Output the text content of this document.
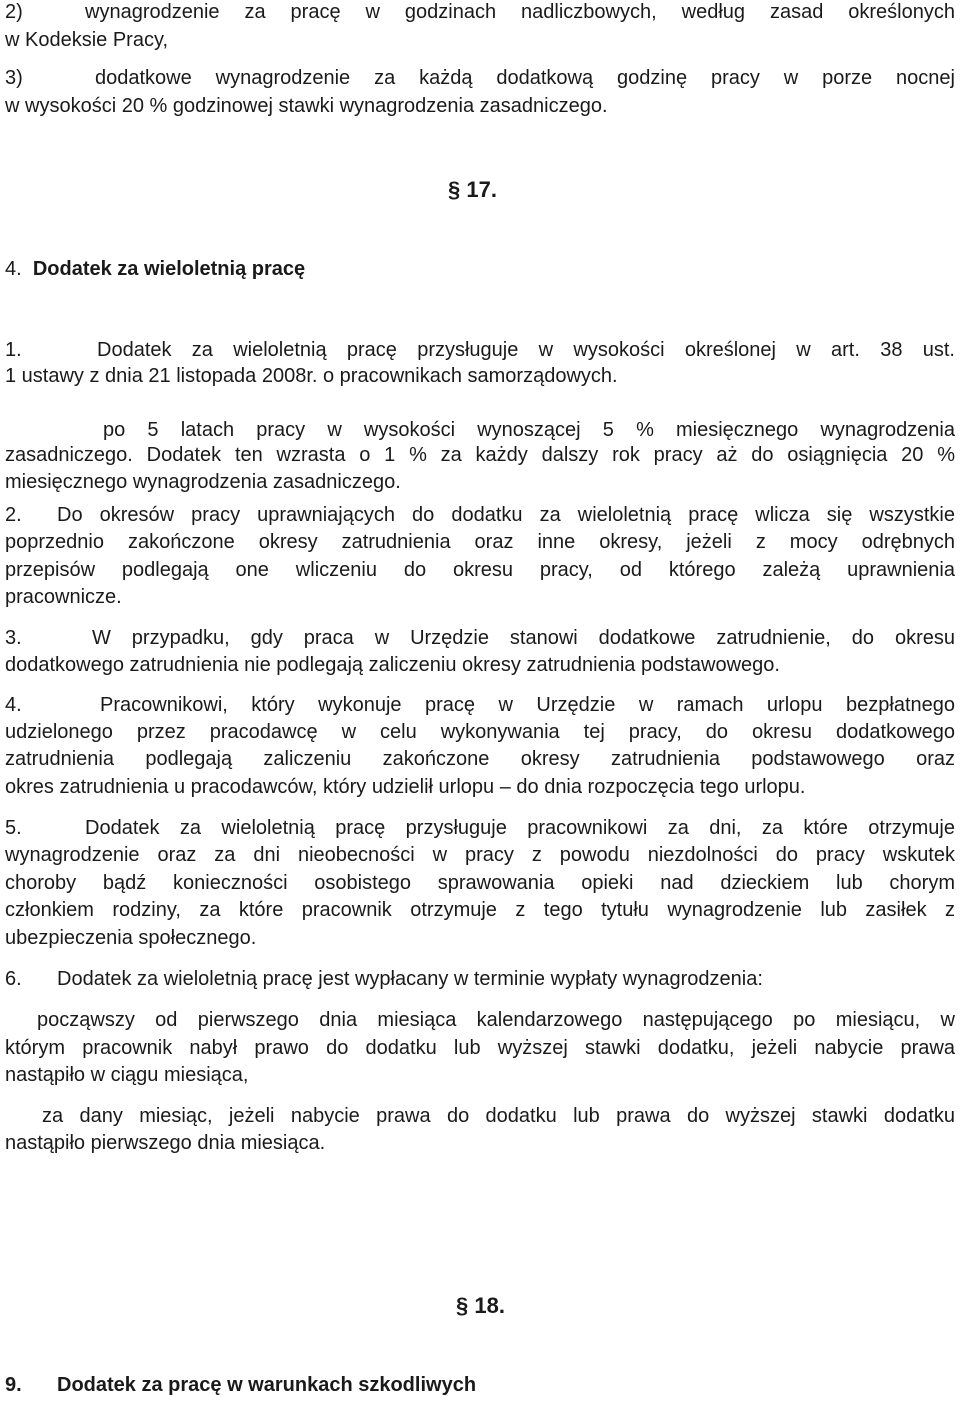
2)	wynagrodzenie za pracę w godzinach nadliczbowych, według zasad określonych
w Kodeksie Pracy,
3)	dodatkowe wynagrodzenie za każdą dodatkową godzinę pracy w porze nocnej
w wysokości 20 % godzinowej stawki wynagrodzenia zasadniczego.
§ 17.
4. Dodatek za wieloletnią pracę
1.	Dodatek za wieloletnią pracę przysługuje w wysokości określonej w art. 38 ust.
1 ustawy z dnia 21 listopada 2008r. o pracownikach samorządowych.
po 5 latach pracy w wysokości wynoszącej 5 % miesięcznego wynagrodzenia
zasadniczego. Dodatek ten wzrasta o 1 % za każdy dalszy rok pracy aż do osiągnięcia 20 %
miesięcznego wynagrodzenia zasadniczego.
2. Do okresów pracy uprawniających do dodatku za wieloletnią pracę wlicza się wszystkie
poprzednio zakończone okresy zatrudnienia oraz inne okresy, jeżeli z mocy odrębnych
przepisów podlegają one wliczeniu do okresu pracy, od którego zależą uprawnienia
pracownicze.
3.	W przypadku, gdy praca w Urzędzie stanowi dodatkowe zatrudnienie, do okresu
dodatkowego zatrudnienia nie podlegają zaliczeniu okresy zatrudnienia podstawowego.
4.	Pracownikowi, który wykonuje pracę w Urzędzie w ramach urlopu bezpłatnego
udzielonego przez pracodawcę w celu wykonywania tej pracy, do okresu dodatkowego
zatrudnienia podlegają zaliczeniu zakończone okresy zatrudnienia podstawowego oraz
okres zatrudnienia u pracodawców, który udzielił urlopu – do dnia rozpoczęcia tego urlopu.
5.	Dodatek za wieloletnią pracę przysługuje pracownikowi za dni, za które otrzymuje
wynagrodzenie oraz za dni nieobecności w pracy z powodu niezdolności do pracy wskutek
choroby bądź konieczności osobistego sprawowania opieki nad dzieckiem lub chorym
członkiem rodziny, za które pracownik otrzymuje z tego tytułu wynagrodzenie lub zasiłek z
ubezpieczenia społecznego.
6. Dodatek za wieloletnią pracę jest wypłacany w terminie wypłaty wynagrodzenia:
począwszy od pierwszego dnia miesiąca kalendarzowego następującego po miesiącu, w
którym pracownik nabył prawo do dodatku lub wyższej stawki dodatku, jeżeli nabycie prawa
nastąpiło w ciągu miesiąca,
za dany miesiąc, jeżeli nabycie prawa do dodatku lub prawa do wyższej stawki dodatku
nastąpiło pierwszego dnia miesiąca.
§ 18.
9. Dodatek za pracę w warunkach szkodliwych
